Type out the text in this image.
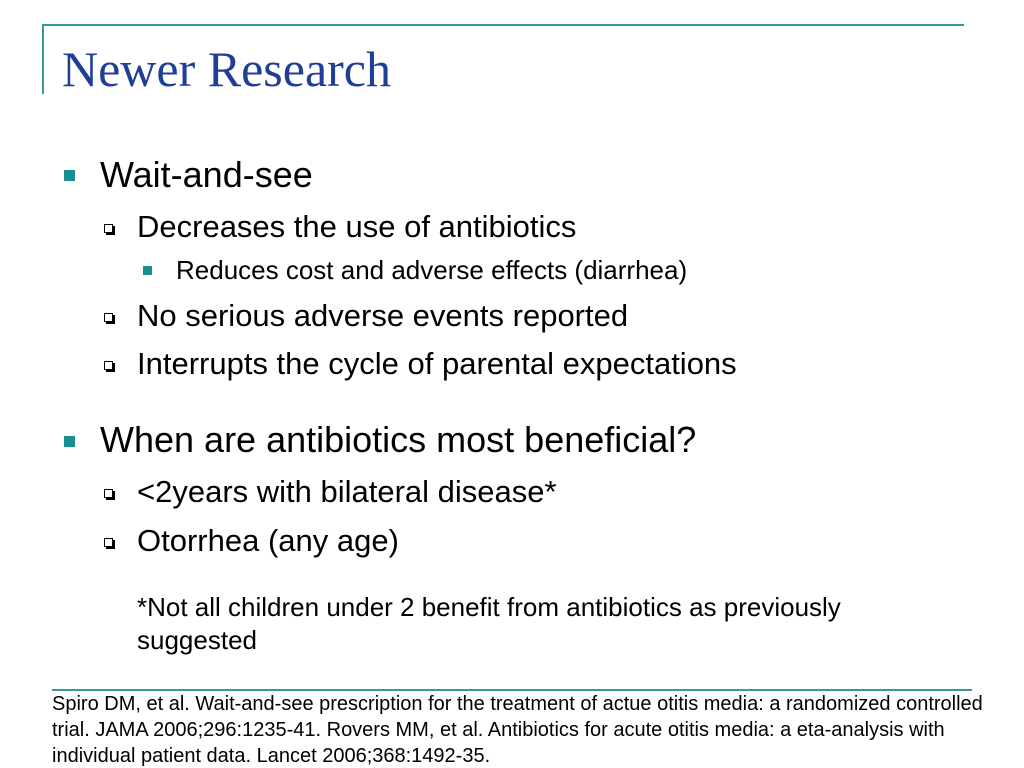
Newer Research
Wait-and-see
Decreases the use of antibiotics
Reduces cost and adverse effects (diarrhea)
No serious adverse events reported
Interrupts the cycle of parental expectations
When are antibiotics most beneficial?
<2years with bilateral disease*
Otorrhea (any age)
*Not all children under 2 benefit from antibiotics as previously suggested
Spiro DM, et al. Wait-and-see prescription for the treatment of actue otitis media: a randomized controlled trial. JAMA 2006;296:1235-41. Rovers MM, et al. Antibiotics for acute otitis media: a eta-analysis with individual patient data. Lancet 2006;368:1492-35.
